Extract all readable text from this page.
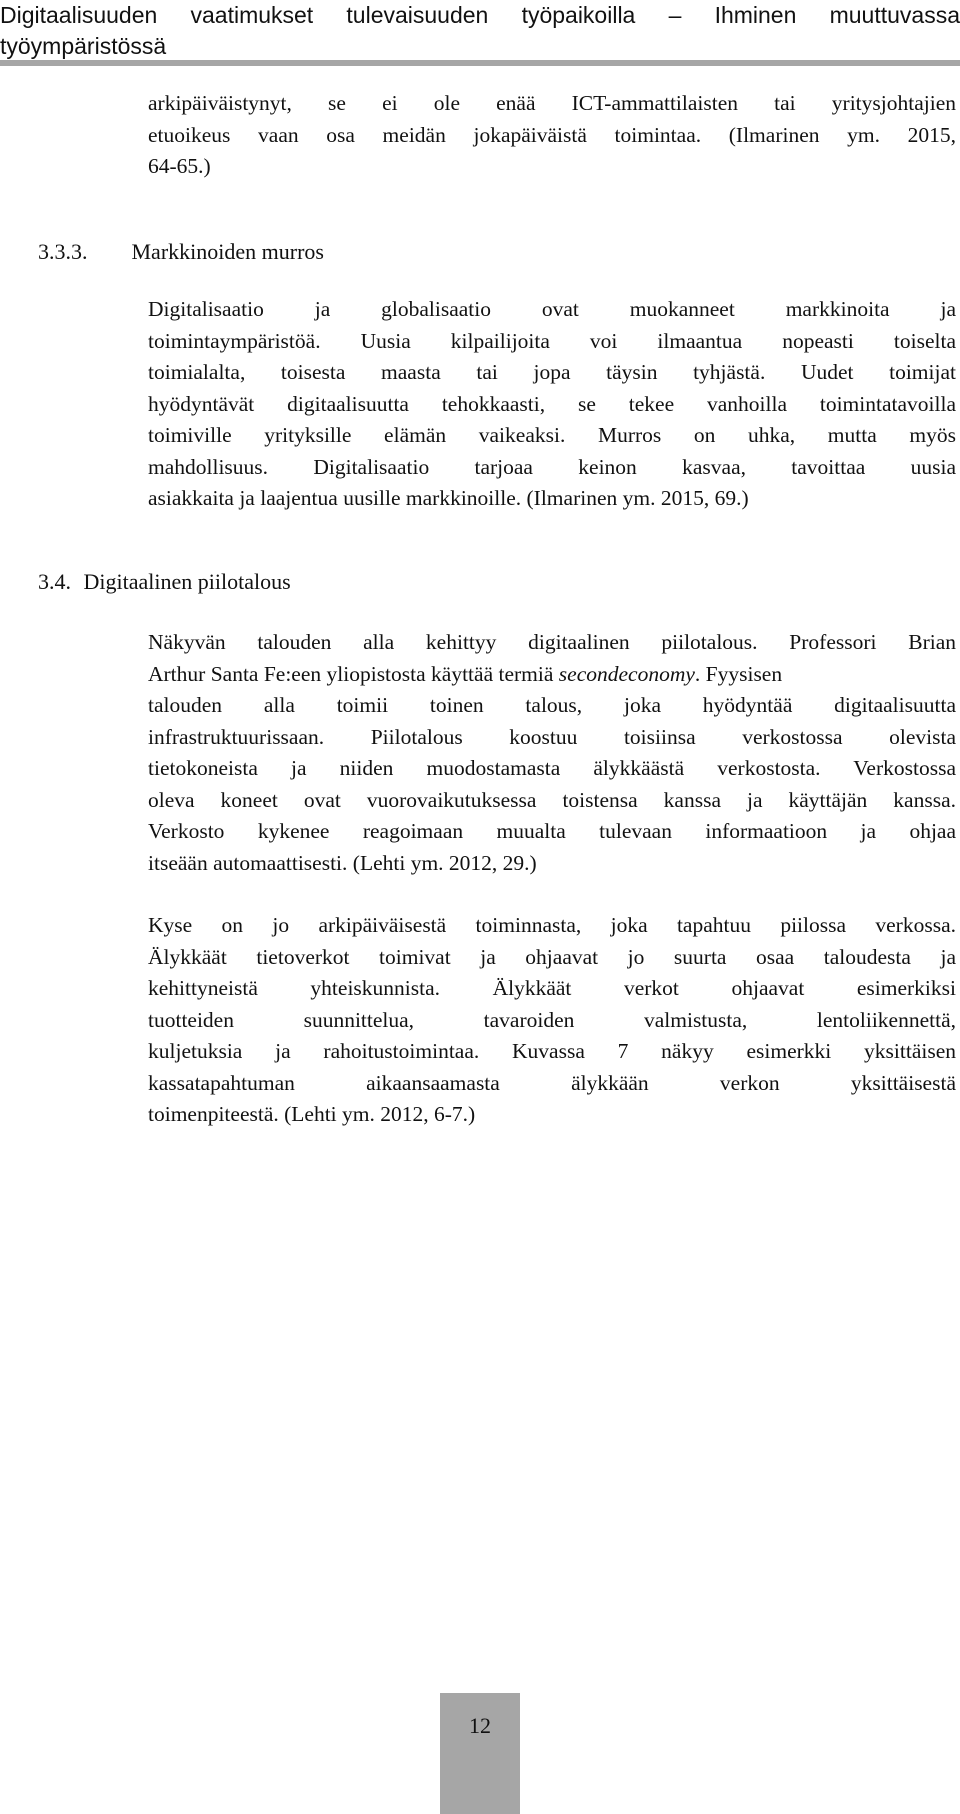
Digitaalisuuden vaatimukset tulevaisuuden työpaikoilla – Ihminen muuttuvassa
työympäristössä
arkipäiväistynyt, se ei ole enää ICT-ammattilaisten tai yritysjohtajien
etuoikeus vaan osa meidän jokapäiväistä toimintaa. (Ilmarinen ym. 2015,
64-65.)
3.3.3. Markkinoiden murros
Digitalisaatio ja globalisaatio ovat muokanneet markkinoita ja
toimintaympäristöä. Uusia kilpailijoita voi ilmaantua nopeasti toiselta
toimialalta, toisesta maasta tai jopa täysin tyhjästä. Uudet toimijat
hyödyntävät digitaalisuutta tehokkaasti, se tekee vanhoilla toimintatavoilla
toimiville yrityksille elämän vaikeaksi. Murros on uhka, mutta myös
mahdollisuus. Digitalisaatio tarjoaa keinon kasvaa, tavoittaa uusia
asiakkaita ja laajentua uusille markkinoille. (Ilmarinen ym. 2015, 69.)
3.4. Digitaalinen piilotalous
Näkyvän talouden alla kehittyy digitaalinen piilotalous. Professori Brian
Arthur Santa Fe:een yliopistosta käyttää termiä secondeconomy. Fyysisen
talouden alla toimii toinen talous, joka hyödyntää digitaalisuutta
infrastruktuurissaan. Piilotalous koostuu toisiinsa verkostossa olevista
tietokoneista ja niiden muodostamasta älykkäästä verkostosta. Verkostossa
oleva koneet ovat vuorovaikutuksessa toistensa kanssa ja käyttäjän kanssa.
Verkosto kykenee reagoimaan muualta tulevaan informaatioon ja ohjaa
itseään automaattisesti. (Lehti ym. 2012, 29.)
Kyse on jo arkipäiväisestä toiminnasta, joka tapahtuu piilossa verkossa.
Älykkäät tietoverkot toimivat ja ohjaavat jo suurta osaa taloudesta ja
kehittyneistä yhteiskunnista. Älykkäät verkot ohjaavat esimerkiksi
tuotteiden suunnittelua, tavaroiden valmistusta, lentoliikennettä,
kuljetuksia ja rahoitustoimintaa. Kuvassa 7 näkyy esimerkki yksittäisen
kassatapahtuman aikaansaamasta älykkään verkon yksittäisestä
toimenpiteestä. (Lehti ym. 2012, 6-7.)
12
